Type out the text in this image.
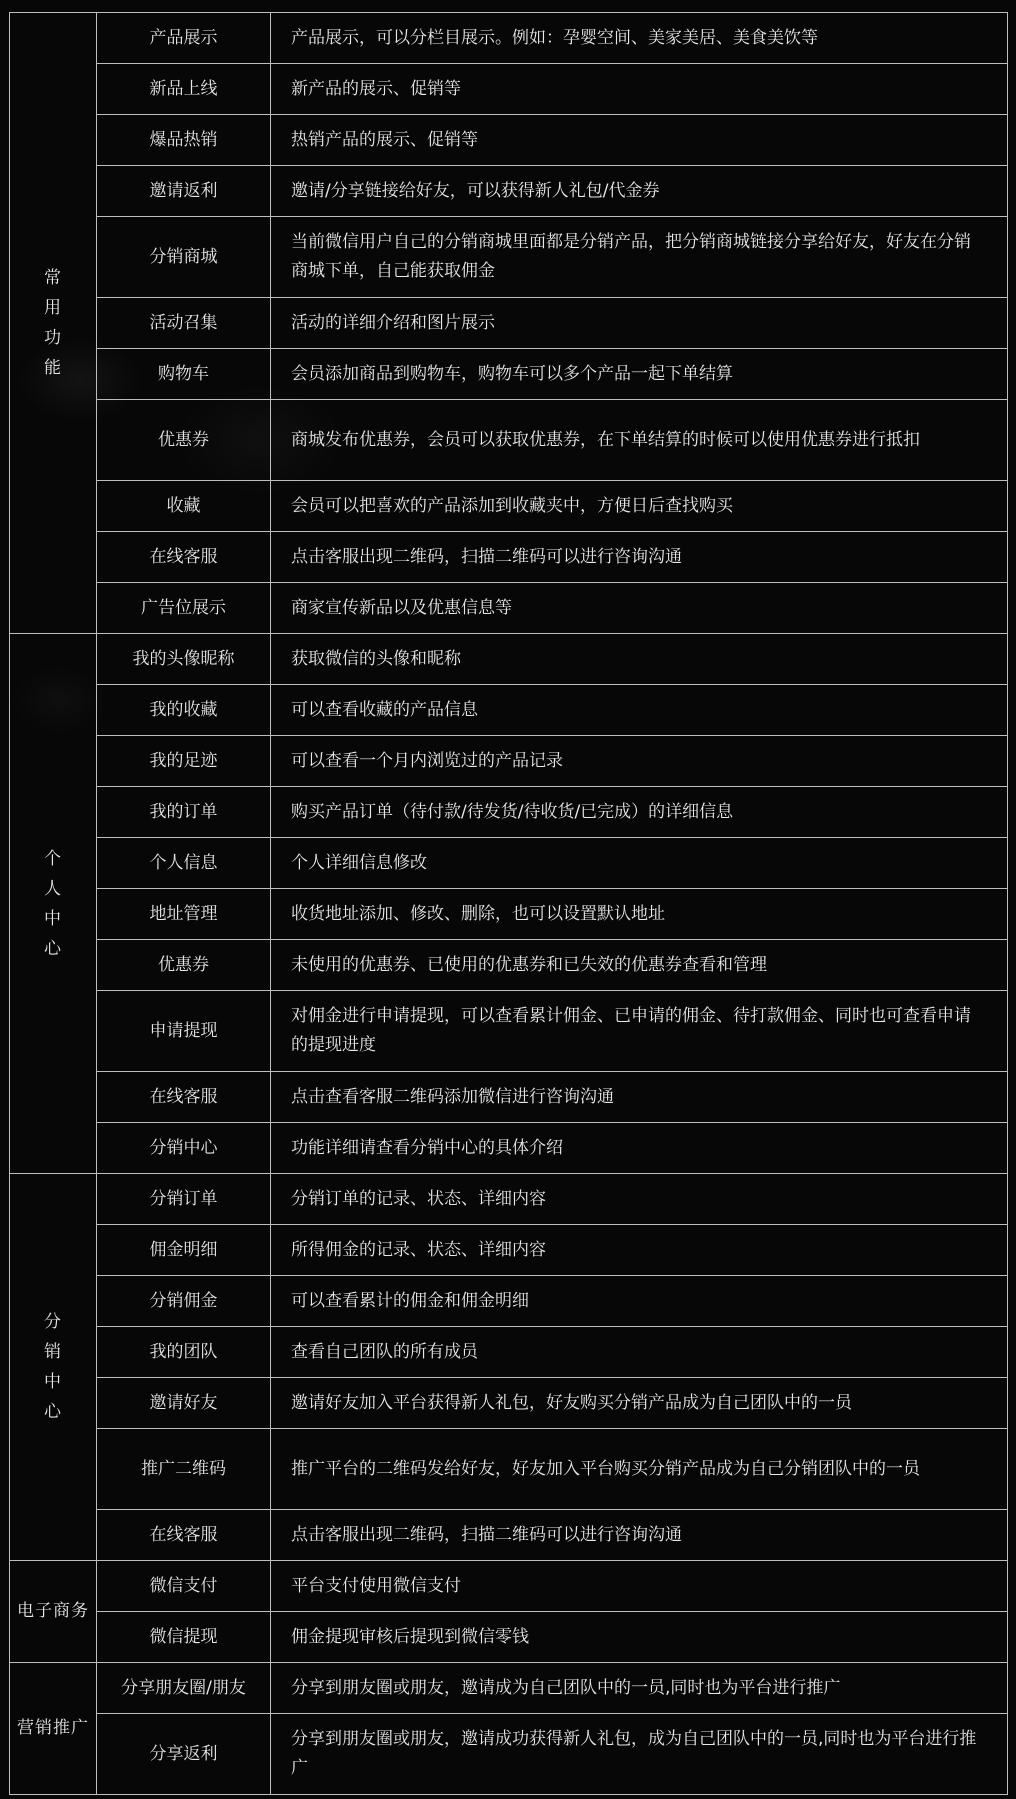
常用功能	产品展示	产品展示，可以分栏目展示。例如：孕婴空间、美家美居、美食美饮等
	新品上线	新产品的展示、促销等
	爆品热销	热销产品的展示、促销等
	邀请返利	邀请/分享链接给好友，可以获得新人礼包/代金券
	分销商城	当前微信用户自己的分销商城里面都是分销产品，把分销商城链接分享给好友，好友在分销商城下单，自己能获取佣金
	活动召集	活动的详细介绍和图片展示
	购物车	会员添加商品到购物车，购物车可以多个产品一起下单结算
	优惠券	商城发布优惠券，会员可以获取优惠券，在下单结算的时候可以使用优惠券进行抵扣
	收藏	会员可以把喜欢的产品添加到收藏夹中，方便日后查找购买
	在线客服	点击客服出现二维码，扫描二维码可以进行咨询沟通
	广告位展示	商家宣传新品以及优惠信息等
个人中心	我的头像昵称	获取微信的头像和昵称
	我的收藏	可以查看收藏的产品信息
	我的足迹	可以查看一个月内浏览过的产品记录
	我的订单	购买产品订单（待付款/待发货/待收货/已完成）的详细信息
	个人信息	个人详细信息修改
	地址管理	收货地址添加、修改、删除，也可以设置默认地址
	优惠券	未使用的优惠券、已使用的优惠券和已失效的优惠券查看和管理
	申请提现	对佣金进行申请提现，可以查看累计佣金、已申请的佣金、待打款佣金、同时也可查看申请的提现进度
	在线客服	点击查看客服二维码添加微信进行咨询沟通
	分销中心	功能详细请查看分销中心的具体介绍
分销中心	分销订单	分销订单的记录、状态、详细内容
	佣金明细	所得佣金的记录、状态、详细内容
	分销佣金	可以查看累计的佣金和佣金明细
	我的团队	查看自己团队的所有成员
	邀请好友	邀请好友加入平台获得新人礼包，好友购买分销产品成为自己团队中的一员
	推广二维码	推广平台的二维码发给好友，好友加入平台购买分销产品成为自己分销团队中的一员
	在线客服	点击客服出现二维码，扫描二维码可以进行咨询沟通
电子商务	微信支付	平台支付使用微信支付
	微信提现	佣金提现审核后提现到微信零钱
营销推广	分享朋友圈/朋友	分享到朋友圈或朋友，邀请成为自己团队中的一员,同时也为平台进行推广
	分享返利	分享到朋友圈或朋友，邀请成功获得新人礼包，成为自己团队中的一员,同时也为平台进行推广
